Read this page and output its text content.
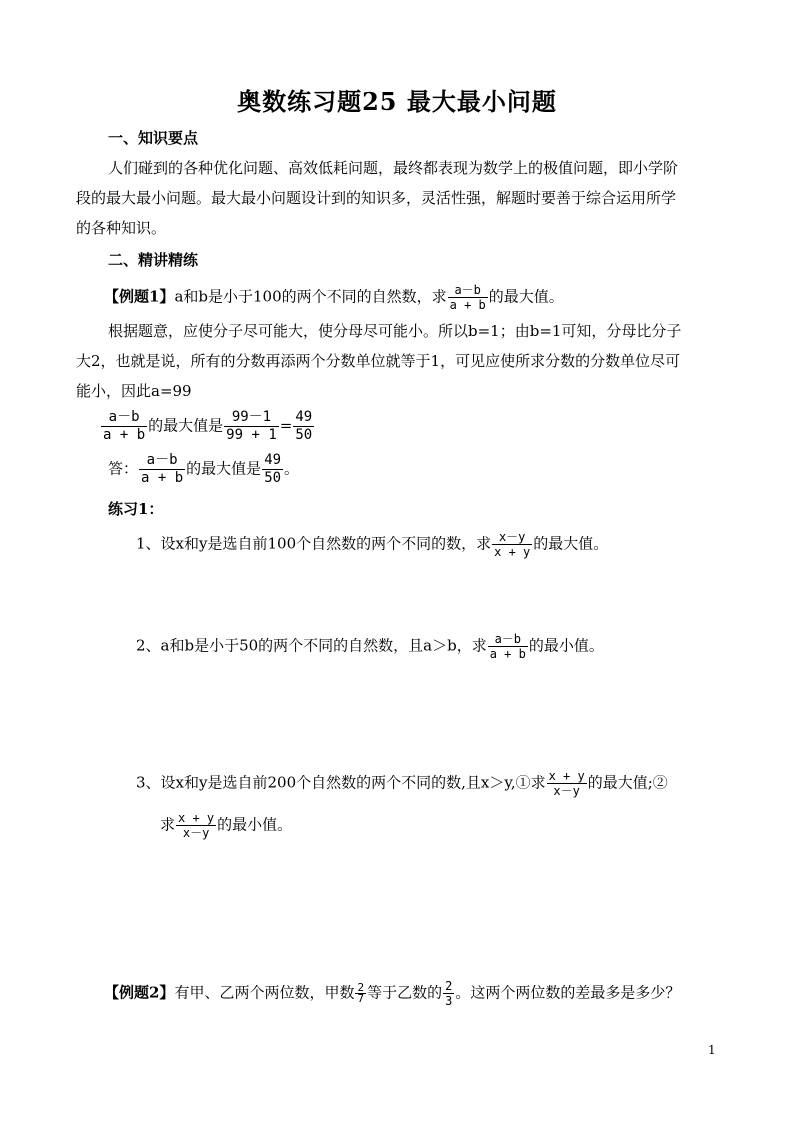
奥数练习题25 最大最小问题
一、知识要点
人们碰到的各种优化问题、高效低耗问题，最终都表现为数学上的极值问题，即小学阶
段的最大最小问题。最大最小问题设计到的知识多，灵活性强，解题时要善于综合运用所学
的各种知识。
二、精讲精练
【例题1】a和b是小于100的两个不同的自然数，求 $\frac{a-b}{a + b}$ 的最大值。
根据题意，应使分子尽可能大，使分母尽可能小。所以b=1；由b=1可知，分母比分子
大2，也就是说，所有的分数再添两个分数单位就等于1，可见应使所求分数的分数单位尽可
能小，因此a=99
$\frac{a-b}{a + b}$ 的最大值是 $\frac{99-1}{99 + 1} = \frac{49}{50}$
答： $\frac{a-b}{a + b}$ 的最大值是 $\frac{49}{50}$ 。
练习1：
1、设x和y是选自前100个自然数的两个不同的数，求 $\frac{x-y}{x + y}$ 的最大值。
2、a和b是小于50的两个不同的自然数，且a＞b，求 $\frac{a-b}{a + b}$ 的最小值。
3、设x和y是选自前200个自然数的两个不同的数,且x＞y,①求 $\frac{x + y}{x-y}$ 的最大值;②
求 $\frac{x + y}{x-y}$ 的最小值。
【例题2】有甲、乙两个两位数，甲数 $\frac{2}{7}$ 等于乙数的 $\frac{2}{3}$ 。这两个两位数的差最多是多少？
1
